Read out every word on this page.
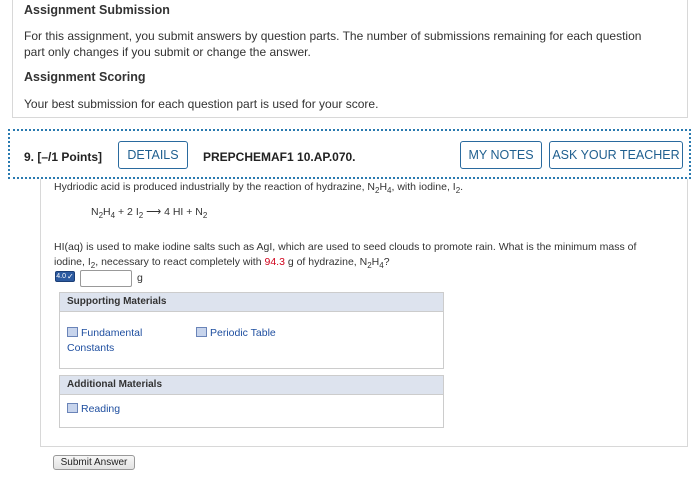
Assignment Submission
For this assignment, you submit answers by question parts. The number of submissions remaining for each question part only changes if you submit or change the answer.
Assignment Scoring
Your best submission for each question part is used for your score.
9. [–/1 Points]	DETAILS	PREPCHEMAF1 10.AP.070.	MY NOTES	ASK YOUR TEACHER
Hydriodic acid is produced industrially by the reaction of hydrazine, $N_2H_4$, with iodine, $I_2$.
$N_2H_4 + 2$ $I_2$ ⟶ 4 HI + $N_2$
HI(aq) is used to make iodine salts such as AgI, which are used to seed clouds to promote rain. What is the minimum mass of
iodine, $I_2$, necessary to react completely with 94.3 g of hydrazine, $N_2H_4$?
4.0 ✓	g
Supporting Materials
Fundamental
Constants
Periodic Table
Additional Materials
Reading
Submit Answer
